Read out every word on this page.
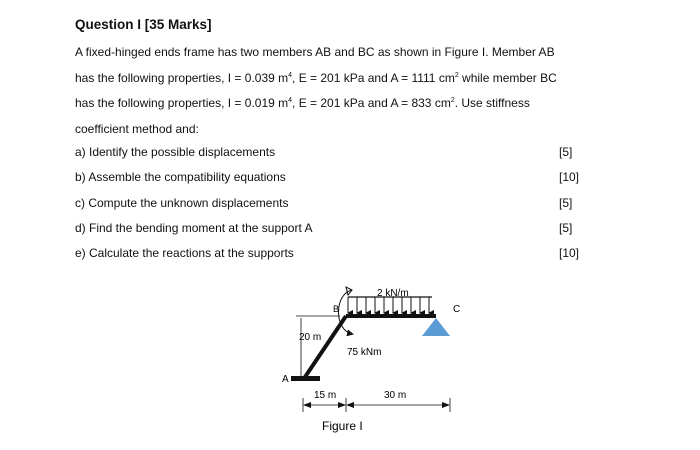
Question I [35 Marks]
A fixed-hinged ends frame has two members AB and BC as shown in Figure I. Member AB
has the following properties, I = 0.039 $m^4$, E = 201 kPa and A = 1111 $cm^2$ while member BC
has the following properties, I = 0.019 $m^4$, E = 201 kPa and A = 833 $cm^2$. Use stiffness
coefficient method and:
a) Identify the possible displacements	[5]
b) Assemble the compatibility equations	[10]
c) Compute the unknown displacements	[5]
d) Find the bending moment at the support A	[5]
e) Calculate the reactions at the supports	[10]
2 kN/m
75 kNm
20 m
15 m	30 m
A
B	C
Figure I
